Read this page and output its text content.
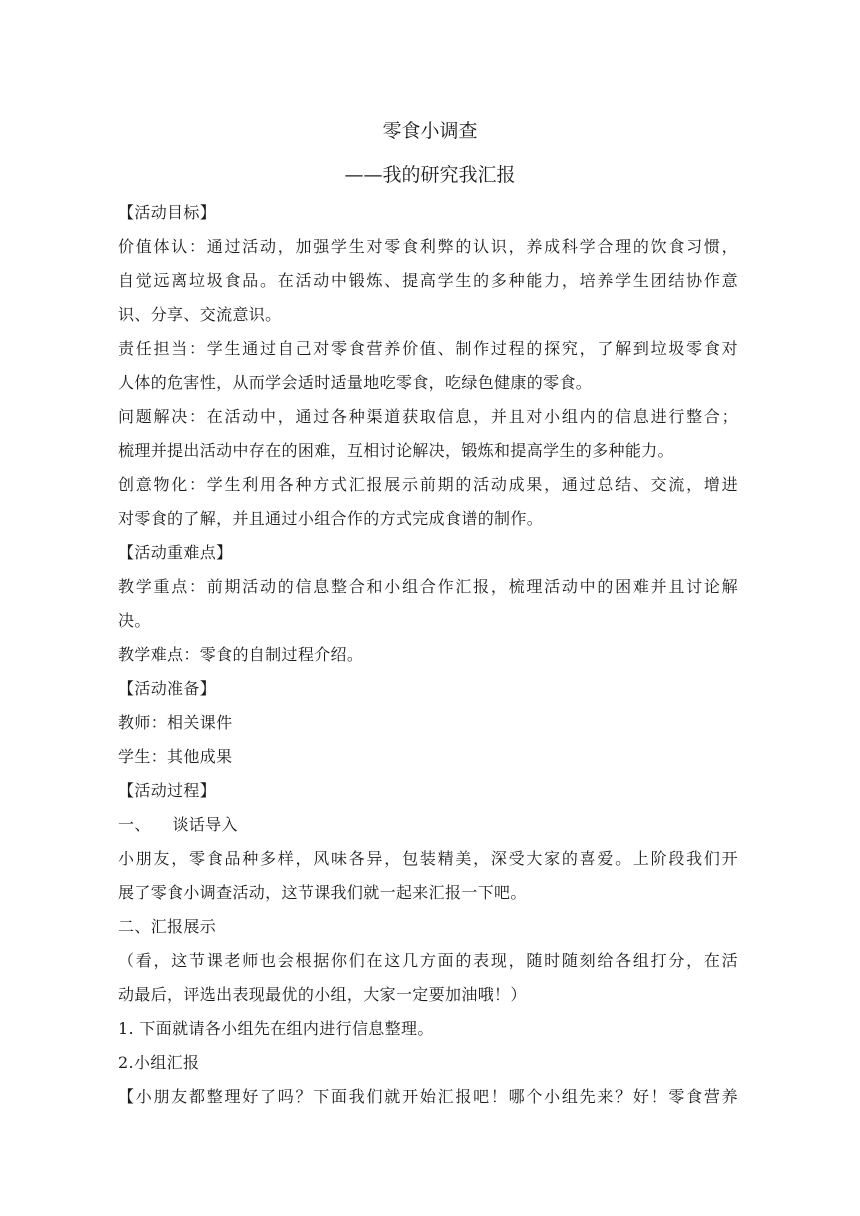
零食小调查
——我的研究我汇报
【活动目标】
价值体认：通过活动，加强学生对零食利弊的认识，养成科学合理的饮食习惯，
自觉远离垃圾食品。在活动中锻炼、提高学生的多种能力，培养学生团结协作意
识、分享、交流意识。
责任担当：学生通过自己对零食营养价值、制作过程的探究，了解到垃圾零食对
人体的危害性，从而学会适时适量地吃零食，吃绿色健康的零食。
问题解决：在活动中，通过各种渠道获取信息，并且对小组内的信息进行整合；
梳理并提出活动中存在的困难，互相讨论解决，锻炼和提高学生的多种能力。
创意物化：学生利用各种方式汇报展示前期的活动成果，通过总结、交流，增进
对零食的了解，并且通过小组合作的方式完成食谱的制作。
【活动重难点】
教学重点：前期活动的信息整合和小组合作汇报，梳理活动中的困难并且讨论解
决。
教学难点：零食的自制过程介绍。
【活动准备】
教师：相关课件
学生：其他成果
【活动过程】
一、    谈话导入
小朋友，零食品种多样，风味各异，包装精美，深受大家的喜爱。上阶段我们开
展了零食小调查活动，这节课我们就一起来汇报一下吧。
二、汇报展示
（看，这节课老师也会根据你们在这几方面的表现，随时随刻给各组打分，在活
动最后，评选出表现最优的小组，大家一定要加油哦！）
1. 下面就请各小组先在组内进行信息整理。
2.小组汇报
【小朋友都整理好了吗？下面我们就开始汇报吧！哪个小组先来？好！零食营养
